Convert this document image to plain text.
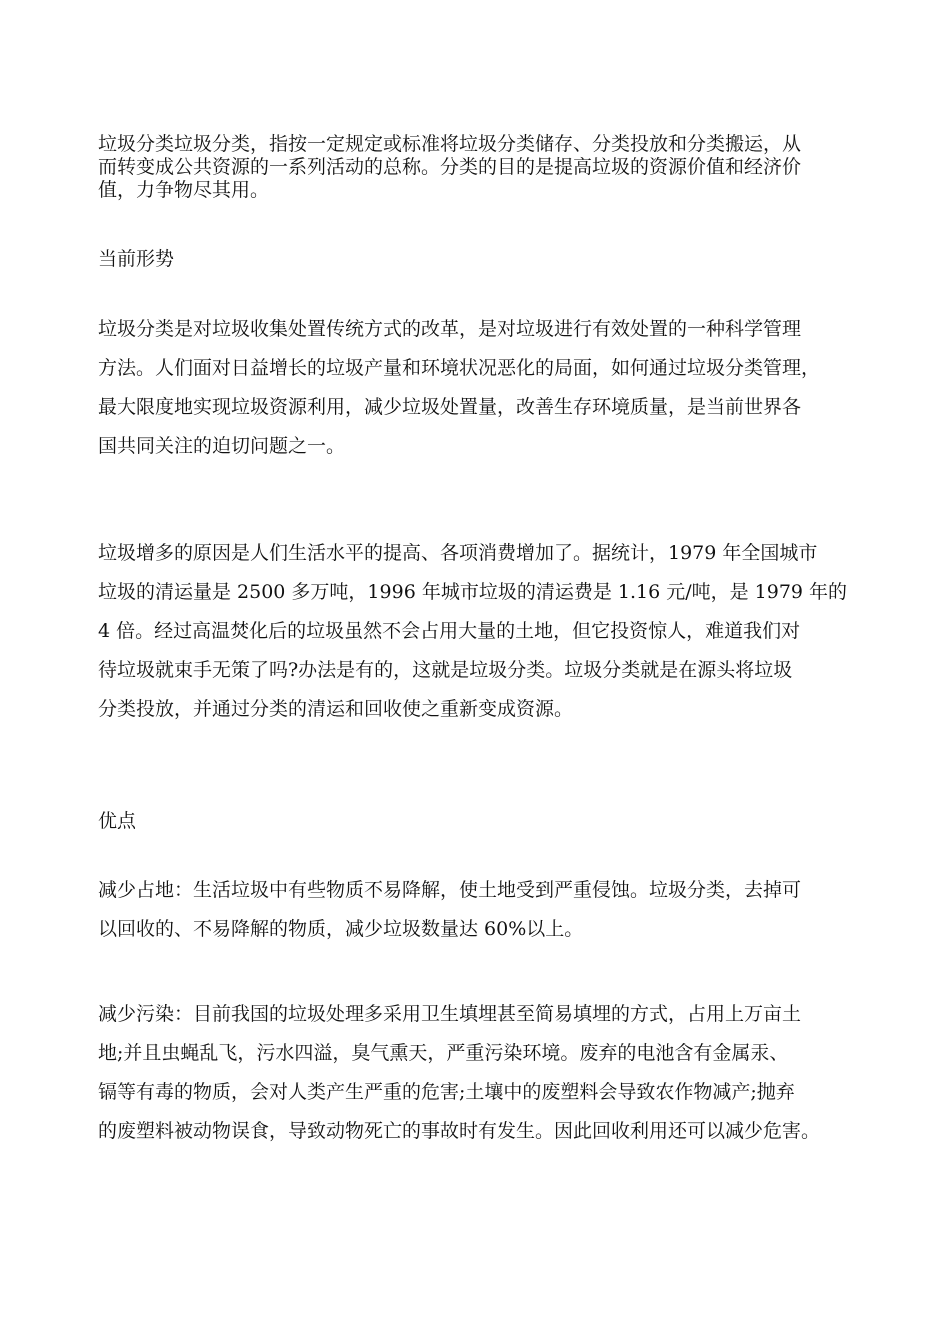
垃圾分类垃圾分类，指按一定规定或标准将垃圾分类储存、分类投放和分类搬运，从
而转变成公共资源的一系列活动的总称。分类的目的是提高垃圾的资源价值和经济价
值，力争物尽其用。
当前形势
垃圾分类是对垃圾收集处置传统方式的改革，是对垃圾进行有效处置的一种科学管理
方法。人们面对日益增长的垃圾产量和环境状况恶化的局面，如何通过垃圾分类管理，
最大限度地实现垃圾资源利用，减少垃圾处置量，改善生存环境质量，是当前世界各
国共同关注的迫切问题之一。
垃圾增多的原因是人们生活水平的提高、各项消费增加了。据统计，1979 年全国城市
垃圾的清运量是 2500 多万吨，1996 年城市垃圾的清运费是 1.16 元/吨，是 1979 年的
4 倍。经过高温焚化后的垃圾虽然不会占用大量的土地，但它投资惊人，难道我们对
待垃圾就束手无策了吗?办法是有的，这就是垃圾分类。垃圾分类就是在源头将垃圾
分类投放，并通过分类的清运和回收使之重新变成资源。
优点
减少占地：生活垃圾中有些物质不易降解，使土地受到严重侵蚀。垃圾分类，去掉可
以回收的、不易降解的物质，减少垃圾数量达 60%以上。
减少污染：目前我国的垃圾处理多采用卫生填埋甚至简易填埋的方式，占用上万亩土
地;并且虫蝇乱飞，污水四溢，臭气熏天，严重污染环境。废弃的电池含有金属汞、
镉等有毒的物质，会对人类产生严重的危害;土壤中的废塑料会导致农作物减产;抛弃
的废塑料被动物误食，导致动物死亡的事故时有发生。因此回收利用还可以减少危害。
